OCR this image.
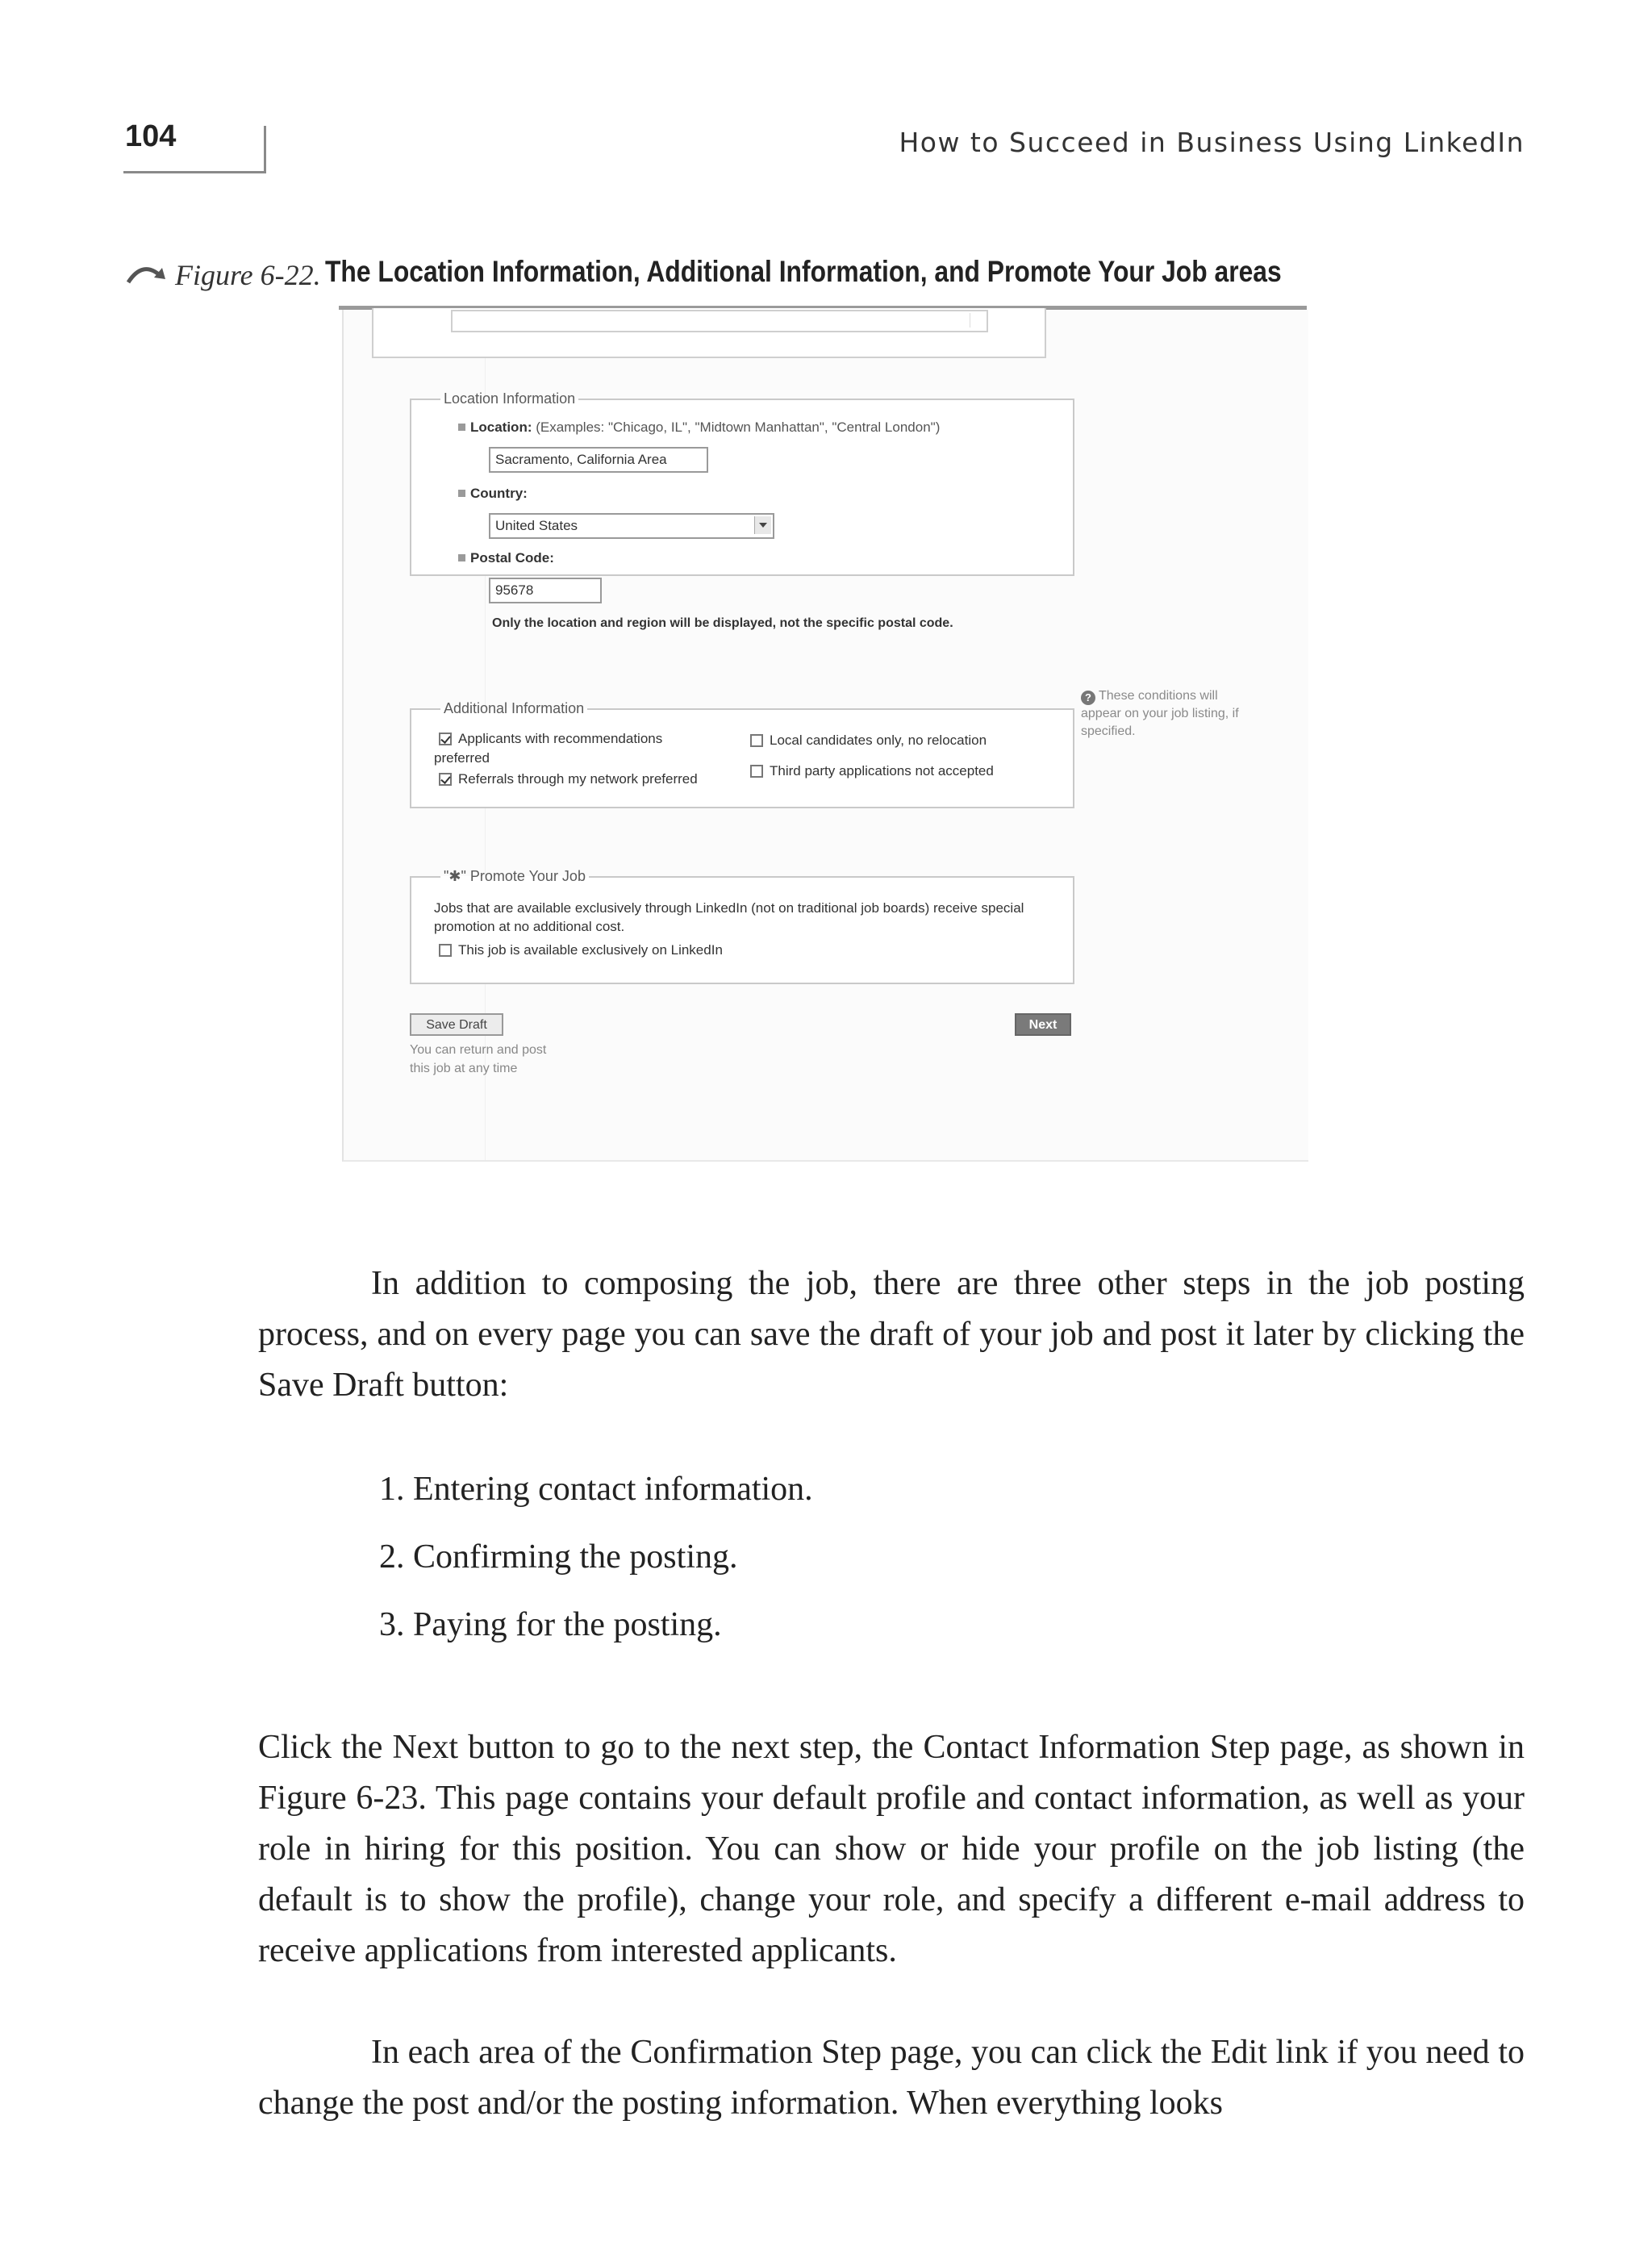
104	How to Succeed in Business Using LinkedIn
Figure 6-22. The Location Information, Additional Information, and Promote Your Job areas
Location Information
Location: (Examples: "Chicago, IL", "Midtown Manhattan", "Central London")
Sacramento, California Area
Country:
United States
Postal Code:
95678
Only the location and region will be displayed, not the specific postal code.
Additional Information
Applicants with recommendations
preferred
Referrals through my network preferred
Local candidates only, no relocation
Third party applications not accepted
? These conditions will appear on your job listing, if specified.
"✱" Promote Your Job
Jobs that are available exclusively through LinkedIn (not on traditional job boards) receive special promotion at no additional cost.
This job is available exclusively on LinkedIn
Save Draft
You can return and post this job at any time
Next

In addition to composing the job, there are three other steps in the job posting process, and on every page you can save the draft of your job and post it later by clicking the Save Draft button:

1. Entering contact information.
2. Confirming the posting.
3. Paying for the posting.

Click the Next button to go to the next step, the Contact Information Step page, as shown in Figure 6-23. This page contains your default profile and contact information, as well as your role in hiring for this position. You can show or hide your profile on the job listing (the default is to show the profile), change your role, and specify a different e-mail address to receive applications from interested applicants.

In each area of the Confirmation Step page, you can click the Edit link if you need to change the post and/or the posting information. When everything looks
